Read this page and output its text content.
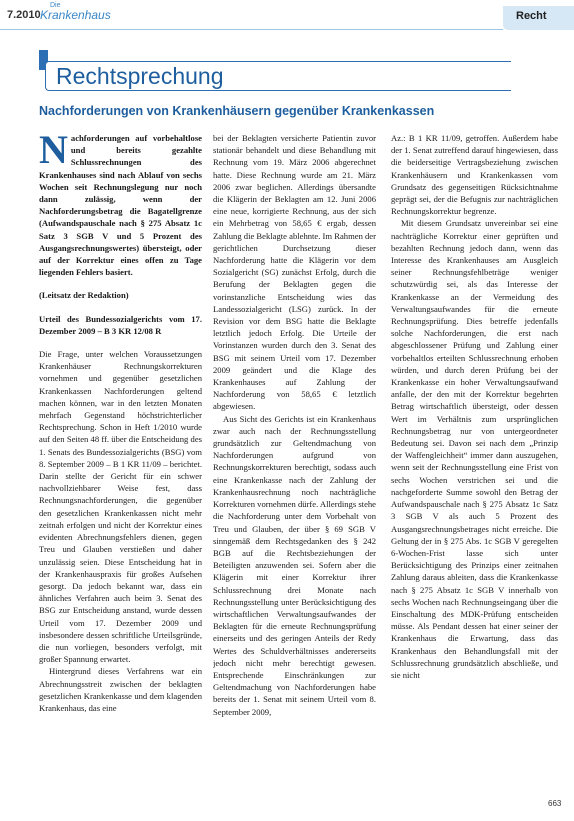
7.2010
Die
Krankenhaus	Recht
Rechtsprechung
Nachforderungen von Krankenhäusern gegenüber Krankenkassen

Nachforderungen auf vorbehaltlose und bereits gezahlte Schlussrechnungen des Krankenhauses sind nach Ablauf von sechs Wochen seit Rechnungslegung nur noch dann zulässig, wenn der Nachforderungsbetrag die Bagatellgrenze (Aufwandspauschale nach § 275 Absatz 1c Satz 3 SGB V und 5 Prozent des Ausgangsrechnungswertes) übersteigt, oder auf der Korrektur eines offen zu Tage liegenden Fehlers basiert.

(Leitsatz der Redaktion)

Urteil des Bundessozialgerichts vom 17. Dezember 2009 – B 3 KR 12/08 R

Die Frage, unter welchen Voraussetzungen Krankenhäuser Rechnungskorrekturen vornehmen und gegenüber gesetzlichen Krankenkassen Nachforderungen geltend machen können, war in den letzten Monaten mehrfach Gegenstand höchstrichterlicher Rechtsprechung. Schon in Heft 1/2010 wurde auf den Seiten 48 ff. über die Entscheidung des 1. Senats des Bundessozialgerichts (BSG) vom 8. September 2009 – B 1 KR 11/09 – berichtet. Darin stellte der Gericht für ein schwer nachvollziehbarer Weise fest, dass Rechnungsnachforderungen, die gegenüber den gesetzlichen Krankenkassen nicht mehr zeitnah erfolgen und nicht der Korrektur eines evidenten Abrechnungsfehlers dienen, gegen Treu und Glauben verstießen und daher unzulässig seien. Diese Entscheidung hat in der Krankenhauspraxis für großes Aufsehen gesorgt. Da jedoch bekannt war, dass ein ähnliches Verfahren auch beim 3. Senat des BSG zur Entscheidung anstand, wurde dessen Urteil vom 17. Dezember 2009 und insbesondere dessen schriftliche Urteilsgründe, die nun vorliegen, besonders verfolgt, mit großer Spannung erwartet.

Hintergrund dieses Verfahrens war ein Abrechnungsstreit zwischen der beklagten gesetzlichen Krankenkasse und dem klagenden Krankenhaus, das eine

bei der Beklagten versicherte Patientin zuvor stationär behandelt und diese Behandlung mit Rechnung vom 19. März 2006 abgerechnet hatte. Diese Rechnung wurde am 21. März 2006 zwar beglichen. Allerdings übersandte die Klägerin der Beklagten am 12. Juni 2006 eine neue, korrigierte Rechnung, aus der sich ein Mehrbetrag von 58,65 € ergab, dessen Zahlung die Beklagte ablehnte. Im Rahmen der gerichtlichen Durchsetzung dieser Nachforderung hatte die Klägerin vor dem Sozialgericht (SG) zunächst Erfolg, durch die Berufung der Beklagten gegen die vorinstanzliche Entscheidung wies das Landessozialgericht (LSG) zurück. In der Revision vor dem BSG hatte die Beklagte letztlich jedoch Erfolg. Die Urteile der Vorinstanzen wurden durch den 3. Senat des BSG mit seinem Urteil vom 17. Dezember 2009 geändert und die Klage des Krankenhauses auf Zahlung der Nachforderung von 58,65 € letztlich abgewiesen.

Aus Sicht des Gerichts ist ein Krankenhaus zwar auch nach der Rechnungsstellung grundsätzlich zur Geltendmachung von Nachforderungen aufgrund von Rechnungskorrekturen berechtigt, sodass auch eine Krankenkasse nach der Zahlung der Krankenhausrechnung noch nachträgliche Korrekturen vornehmen dürfe. Allerdings stehe die Nachforderung unter dem Vorbehalt von Treu und Glauben, der über § 69 SGB V sinngemäß dem Rechtsgedanken des § 242 BGB auf die Rechtsbeziehungen der Beteiligten anzuwenden sei. Sofern aber die Klägerin mit einer Korrektur ihrer Schlussrechnung drei Monate nach Rechnungsstellung unter Berücksichtigung des wirtschaftlichen Verwaltungsaufwandes der Beklagten für die erneute Rechnungsprüfung einerseits und des geringen Anteils der Redy Wertes des Schuldverhältnisses andererseits jedoch nicht mehr berechtigt gewesen. Entsprechende Einschränkungen zur Geltendmachung von Nachforderungen habe bereits der 1. Senat mit seinem Urteil vom 8. September 2009,

Az.: B 1 KR 11/09, getroffen. Außerdem habe der 1. Senat zutreffend darauf hingewiesen, dass die beiderseitige Vertragsbeziehung zwischen Krankenhäusern und Krankenkassen vom Grundsatz des gegenseitigen Rücksichtnahme geprägt sei, der die Befugnis zur nachträglichen Rechnungskorrektur begrenze.

Mit diesem Grundsatz unvereinbar sei eine nachträgliche Korrektur einer geprüften und bezahlten Rechnung jedoch dann, wenn das Interesse des Krankenhauses am Ausgleich seiner Rechnungsfehlbeträge weniger schutzwürdig sei, als das Interesse der Krankenkasse an der Vermeidung des Verwaltungsaufwandes für die erneute Rechnungsprüfung. Dies betreffe jedenfalls solche Nachforderungen, die erst nach abgeschlossener Prüfung und Zahlung einer vorbehaltlos erteilten Schlussrechnung erhoben würden, und durch deren Prüfung bei der Krankenkasse ein hoher Verwaltungsaufwand anfalle, der den mit der Korrektur begehrten Betrag wirtschaftlich übersteigt, oder dessen Wert im Verhältnis zum ursprünglichen Rechnungsbetrag nur von untergeordneter Bedeutung sei. Davon sei nach dem „Prinzip der Waffengleichheit“ immer dann auszugehen, wenn seit der Rechnungsstellung eine Frist von sechs Wochen verstrichen sei und die nachgeforderte Summe sowohl den Betrag der Aufwandspauschale nach § 275 Absatz 1c Satz 3 SGB V als auch 5 Prozent des Ausgangsrechnungsbetrages nicht erreiche. Die Geltung der in § 275 Abs. 1c SGB V geregelten 6-Wochen-Frist lasse sich unter Berücksichtigung des Prinzips einer zeitnahen Zahlung daraus ableiten, dass die Krankenkasse nach § 275 Absatz 1c SGB V innerhalb von sechs Wochen nach Rechnungseingang über die Einschaltung des MDK-Prüfung entscheiden müsse. Als Pendant dessen hat einer seiner der Krankenhaus die Erwartung, dass das Krankenhaus den Behandlungsfall mit der Schlussrechnung grundsätzlich abschließe, und sie nicht

663
